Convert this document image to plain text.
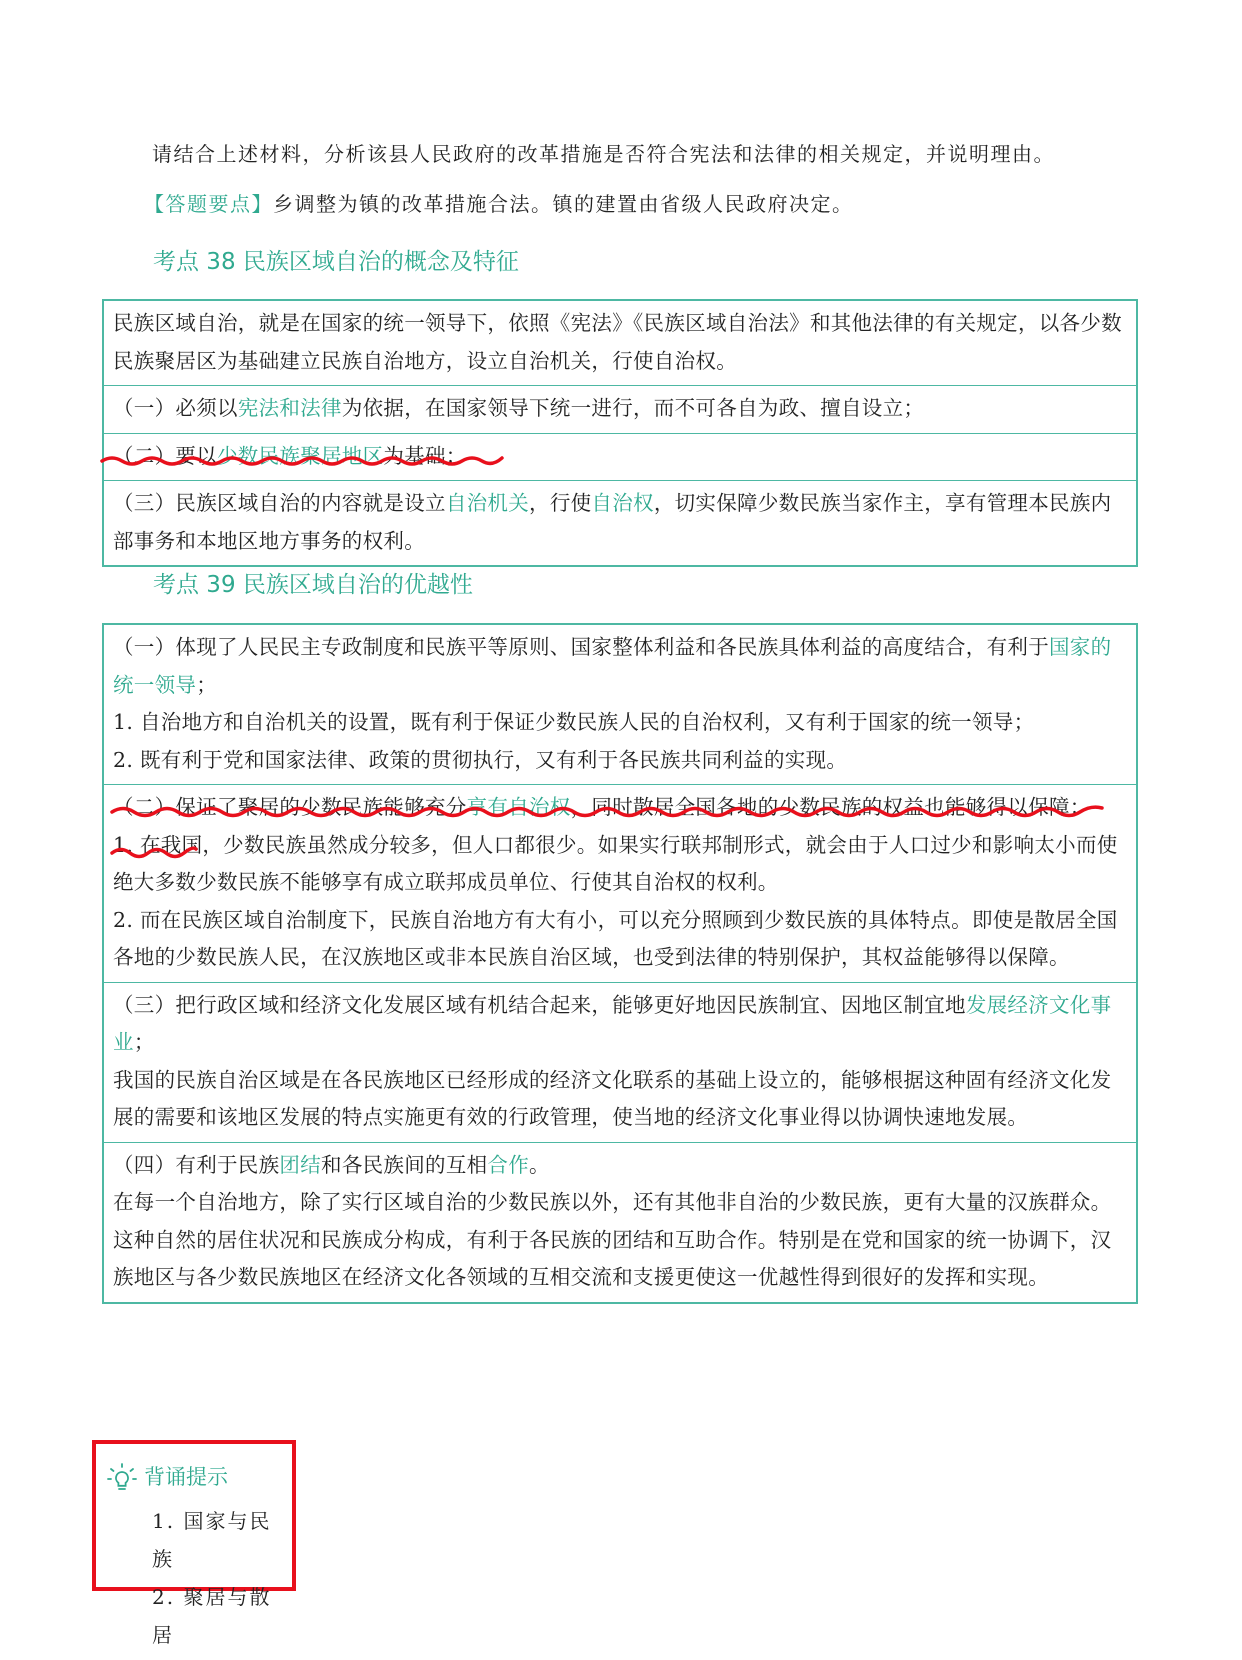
请结合上述材料，分析该县人民政府的改革措施是否符合宪法和法律的相关规定，并说明理由。
【答题要点】乡调整为镇的改革措施合法。镇的建置由省级人民政府决定。
考点 38 民族区域自治的概念及特征

民族区域自治，就是在国家的统一领导下，依照《宪法》《民族区域自治法》和其他法律的有关规定，以各少数民族聚居区为基础建立民族自治地方，设立自治机关，行使自治权。

（一）必须以宪法和法律为依据，在国家领导下统一进行，而不可各自为政、擅自设立；

（二）要以少数民族聚居地区为基础；

（三）民族区域自治的内容就是设立自治机关，行使自治权，切实保障少数民族当家作主，享有管理本民族内部事务和本地区地方事务的权利。

考点 39 民族区域自治的优越性

（一）体现了人民民主专政制度和民族平等原则、国家整体利益和各民族具体利益的高度结合，有利于国家的统一领导；

1. 自治地方和自治机关的设置，既有利于保证少数民族人民的自治权利，又有利于国家的统一领导；

2. 既有利于党和国家法律、政策的贯彻执行，又有利于各民族共同利益的实现。

（二）保证了聚居的少数民族能够充分享有自治权，同时散居全国各地的少数民族的权益也能够得以保障；

1. 在我国，少数民族虽然成分较多，但人口都很少。如果实行联邦制形式，就会由于人口过少和影响太小而使绝大多数少数民族不能够享有成立联邦成员单位、行使其自治权的权利。

2. 而在民族区域自治制度下，民族自治地方有大有小，可以充分照顾到少数民族的具体特点。即使是散居全国各地的少数民族人民，在汉族地区或非本民族自治区域，也受到法律的特别保护，其权益能够得以保障。

（三）把行政区域和经济文化发展区域有机结合起来，能够更好地因民族制宜、因地区制宜地发展经济文化事业；

我国的民族自治区域是在各民族地区已经形成的经济文化联系的基础上设立的，能够根据这种固有经济文化发展的需要和该地区发展的特点实施更有效的行政管理，使当地的经济文化事业得以协调快速地发展。

（四）有利于民族团结和各民族间的互相合作。

在每一个自治地方，除了实行区域自治的少数民族以外，还有其他非自治的少数民族，更有大量的汉族群众。这种自然的居住状况和民族成分构成，有利于各民族的团结和互助合作。特别是在党和国家的统一协调下，汉族地区与各少数民族地区在经济文化各领域的互相交流和支援更使这一优越性得到很好的发挥和实现。

背诵提示
1. 国家与民族
2. 聚居与散居
